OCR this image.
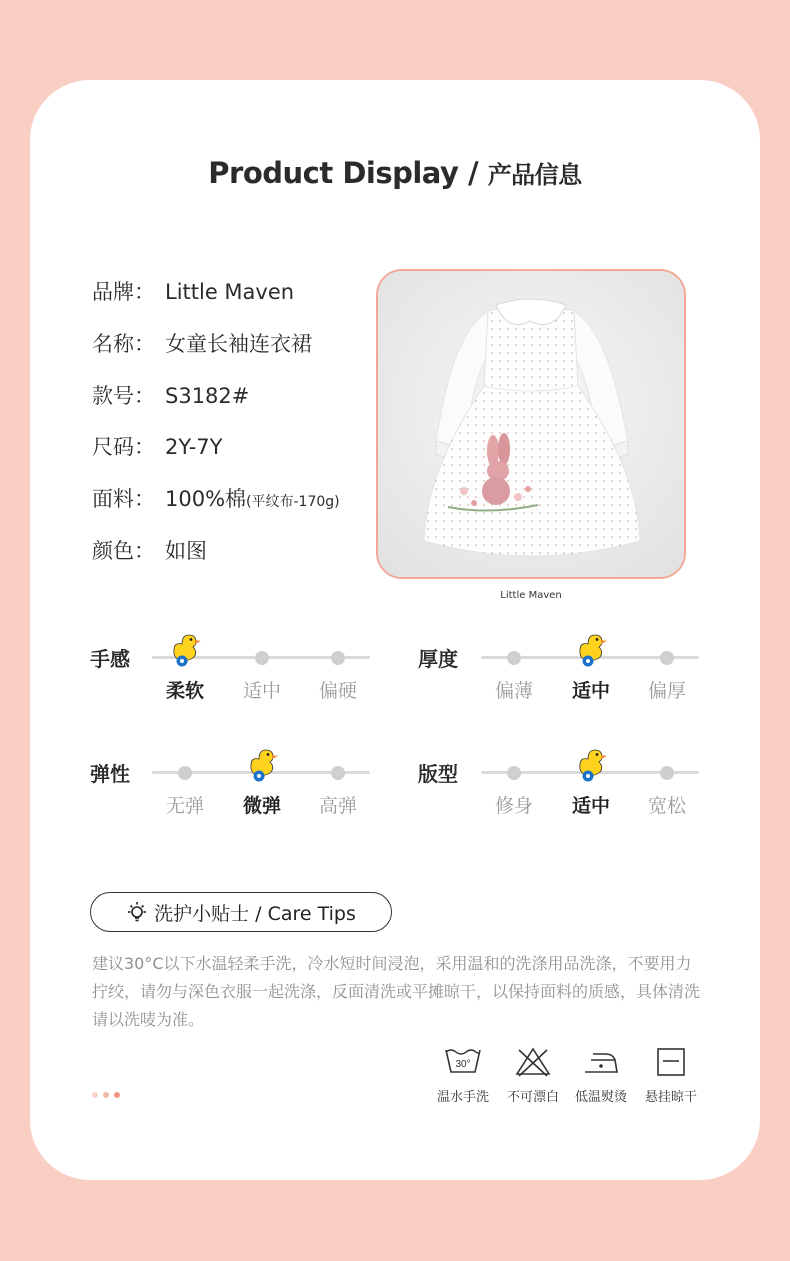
Product Display / 产品信息
品牌： Little Maven
名称： 女童长袖连衣裙
款号： S3182#
尺码： 2Y-7Y
面料： 100%棉(平纹布-170g)
颜色： 如图
Little Maven
手感
柔软	适中	偏硬
厚度
偏薄	适中	偏厚
弹性
无弹	微弹	高弹
版型
修身	适中	宽松
洗护小贴士 / Care Tips
建议30°C以下水温轻柔手洗，冷水短时间浸泡，采用温和的洗涤用品洗涤，不要用力拧绞，请勿与深色衣服一起洗涤，反面清洗或平摊晾干，以保持面料的质感，具体清洗请以洗唛为准。
30°
温水手洗	不可漂白	低温熨烫	悬挂晾干
